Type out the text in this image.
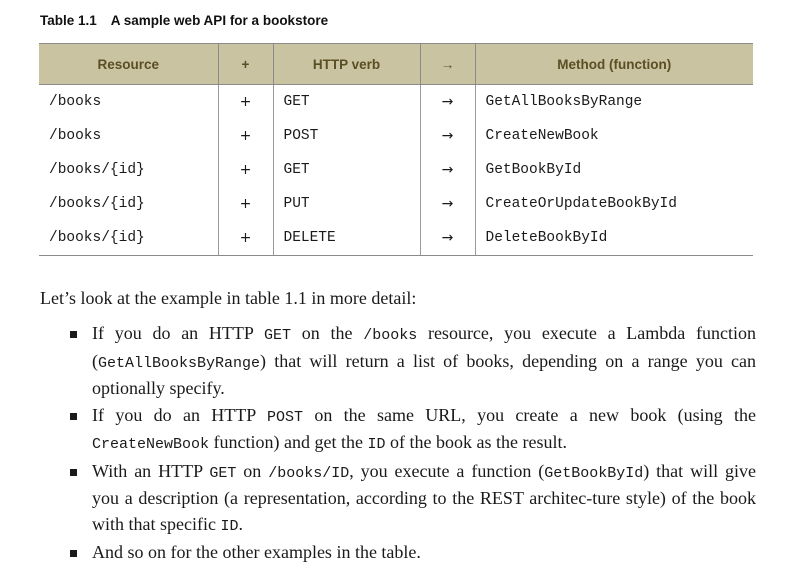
Table 1.1 A sample web API for a bookstore
Resource	+	HTTP verb	→	Method (function)
/books	+	GET	→	GetAllBooksByRange
/books	+	POST	→	CreateNewBook
/books/{id}	+	GET	→	GetBookById
/books/{id}	+	PUT	→	CreateOrUpdateBookById
/books/{id}	+	DELETE	→	DeleteBookById

Let’s look at the example in table 1.1 in more detail:

If you do an HTTP GET on the /books resource, you execute a Lambda function (GetAllBooksByRange) that will return a list of books, depending on a range you can optionally specify.
If you do an HTTP POST on the same URL, you create a new book (using the CreateNewBook function) and get the ID of the book as the result.
With an HTTP GET on /books/ID, you execute a function (GetBookById) that will give you a description (a representation, according to the REST architec-ture style) of the book with that specific ID.
And so on for the other examples in the table.
